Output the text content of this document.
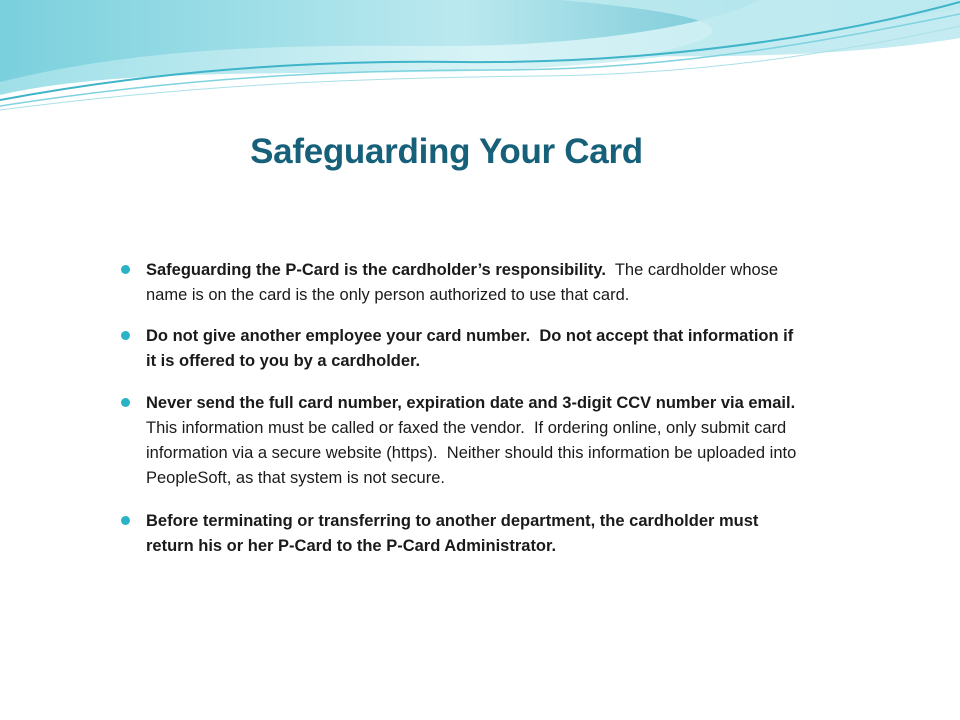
Safeguarding Your Card
Safeguarding the P-Card is the cardholder’s responsibility.  The cardholder whose name is on the card is the only person authorized to use that card.
Do not give another employee your card number.  Do not accept that information if it is offered to you by a cardholder.
Never send the full card number, expiration date and 3-digit CCV number via email.  This information must be called or faxed the vendor.  If ordering online, only submit card information via a secure website (https).  Neither should this information be uploaded into PeopleSoft, as that system is not secure.
Before terminating or transferring to another department, the cardholder must return his or her P-Card to the P-Card Administrator.
